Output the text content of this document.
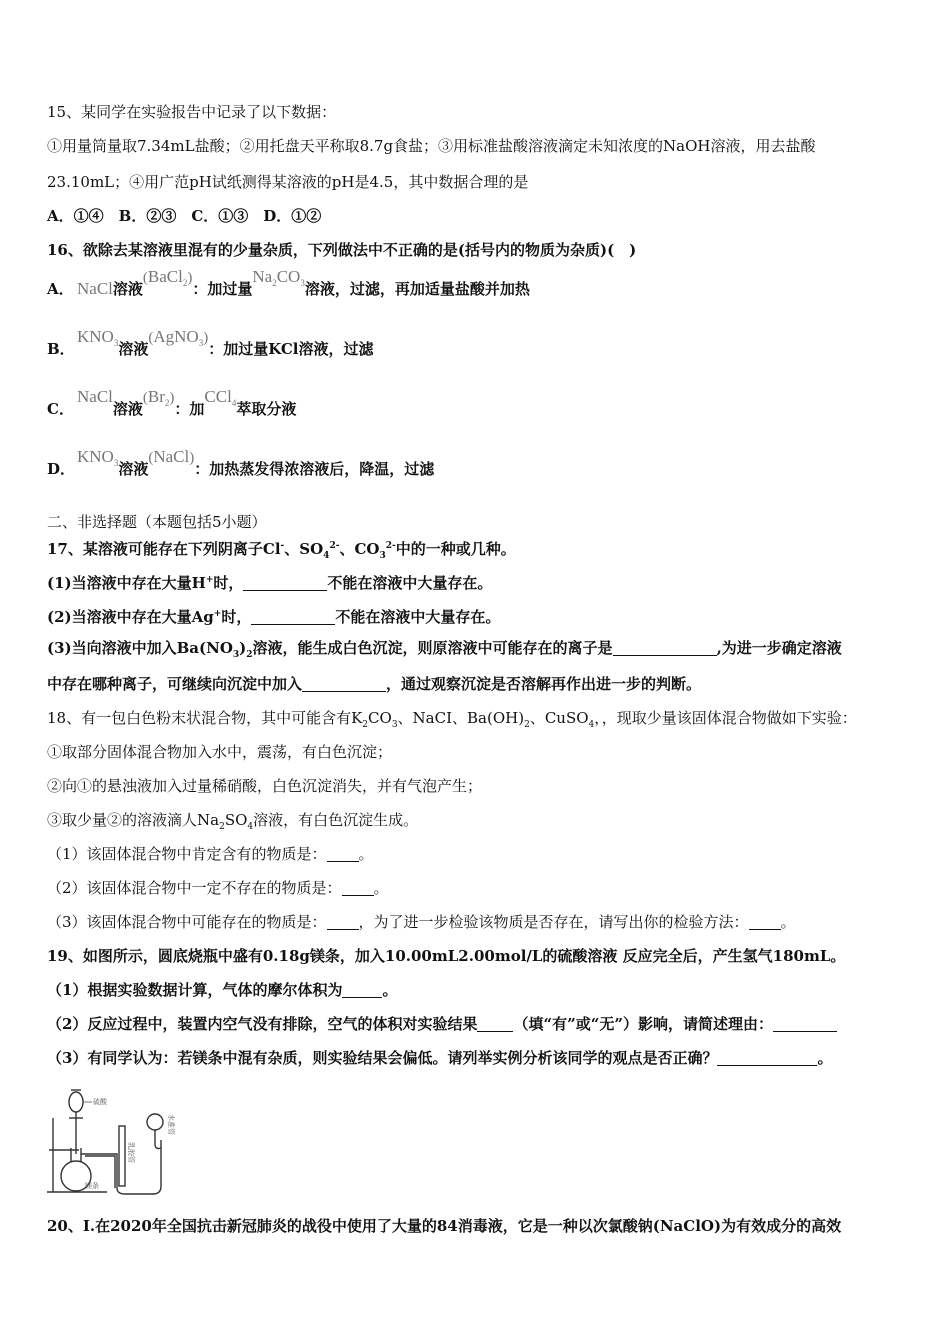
15、某同学在实验报告中记录了以下数据：
①用量筒量取7.34mL盐酸；②用托盘天平称取8.7g食盐；③用标准盐酸溶液滴定未知浓度的NaOH溶液，用去盐酸
23.10mL；④用广范pH试纸测得某溶液的pH是4.5，其中数据合理的是
A．①④　B．②③　C．①③　D．①②
16、欲除去某溶液里混有的少量杂质，下列做法中不正确的是(括号内的物质为杂质)(　)
A． NaCl溶液(BaCl$_2$)：加过量$Na_2CO_3$溶液，过滤，再加适量盐酸并加热
B．$KNO_3$溶液(AgNO$_3$)：加过量KCl溶液，过滤
C．NaCl溶液$(Br_2)$：加CCl$_4$萃取分液
D．$KNO_3$溶液(NaCl)：加热蒸发得浓溶液后，降温，过滤
二、非选择题（本题包括5小题）
17、某溶液可能存在下列阴离子Cl-、$SO_4^{2-}$、$CO_3^{2-}$中的一种或几种。
(1)当溶液中存在大量H+时，	不能在溶液中大量存在。
(2)当溶液中存在大量Ag+时，	不能在溶液中大量存在。
(3)当向溶液中加入$Ba(NO_3)_2$溶液，能生成白色沉淀，则原溶液中可能存在的离子是	,为进一步确定溶液
中存在哪种离子，可继续向沉淀中加入	，通过观察沉淀是否溶解再作出进一步的判断。
18、有一包白色粉末状混合物，其中可能含有$K_2CO_3$、NaCI、$Ba(OH)_2$、CuSO$_4$，，现取少量该固体混合物做如下实验：
①取部分固体混合物加入水中，震荡，有白色沉淀；
②向①的悬浊液加入过量稀硝酸，白色沉淀消失，并有气泡产生；
③取少量②的溶液滴人$Na_2SO_4$溶液，有白色沉淀生成。
（1）该固体混合物中肯定含有的物质是： 。
（2）该固体混合物中一定不存在的物质是： 。
（3）该固体混合物中可能存在的物质是： ，为了进一步检验该物质是否存在，请写出你的检验方法： 。
19、如图所示，圆底烧瓶中盛有0.18g镁条，加入10.00mL2.00mol/L的硫酸溶液 反应完全后，产生氢气180mL。
（1）根据实验数据计算，气体的摩尔体积为	。
（2）反应过程中，装置内空气没有排除，空气的体积对实验结果 （填“有”或“无”）影响，请简述理由：
（3）有同学认为：若镁条中混有杂质，则实验结果会偏低。请列举实例分析该同学的观点是否正确？	。
硫酸
镁条
乳胶管
水准管
20、I.在2020年全国抗击新冠肺炎的战役中使用了大量的84消毒液，它是一种以次氯酸钠(NaClO)为有效成分的高效
